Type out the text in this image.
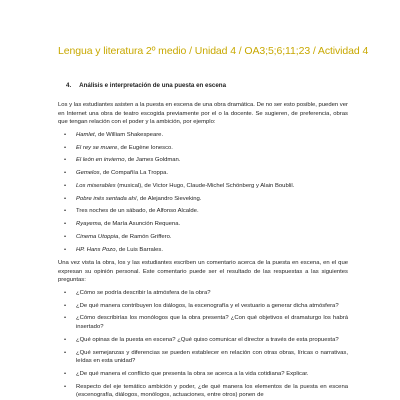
Lengua y literatura 2º medio / Unidad 4 / OA3;5;6;11;23 / Actividad 4
4. Análisis e interpretación de una puesta en escena

Los y las estudiantes asisten a la puesta en escena de una obra dramática. De no ser esto posible, pueden ver en Internet una obra de teatro escogida previamente por el o la docente. Se sugieren, de preferencia, obras que tengan relación con el poder y la ambición, por ejemplo:

• Hamlet, de William Shakespeare.
• El rey se muere, de Eugène Ionesco.
• El león en invierno, de James Goldman.
• Gemelos, de Compañía La Troppa.
• Los miserables (musical), de Victor Hugo, Claude-Michel Schönberg y Alain Boublil.
• Pobre inés sentada ahí, de Alejandro Sieveking.
• Tres noches de un sábado, de Alfonso Alcalde.
• Ryayema, de María Asunción Requena.
• Cinema Utoppia, de Ramón Griffero.
• HP. Hans Pozo, de Luis Barrales.

Una vez vista la obra, los y las estudiantes escriben un comentario acerca de la puesta en escena, en el que expresan su opinión personal. Este comentario puede ser el resultado de las respuestas a las siguientes preguntas:

• ¿Cómo se podría describir la atmósfera de la obra?
• ¿De qué manera contribuyen los diálogos, la escenografía y el vestuario a generar dicha atmósfera?
• ¿Cómo describirías los monólogos que la obra presenta? ¿Con qué objetivos el dramaturgo los habrá insertado?
• ¿Qué opinas de la puesta en escena? ¿Qué quiso comunicar el director a través de esta propuesta?
• ¿Qué semejanzas y diferencias se pueden establecer en relación con otras obras, líricas o narrativas, leídas en esta unidad?
• ¿De qué manera el conflicto que presenta la obra se acerca a la vida cotidiana? Explicar.
• Respecto del eje temático ambición y poder, ¿de qué manera los elementos de la puesta en escena (escenografía, diálogos, monólogos, actuaciones, entre otros) ponen de
